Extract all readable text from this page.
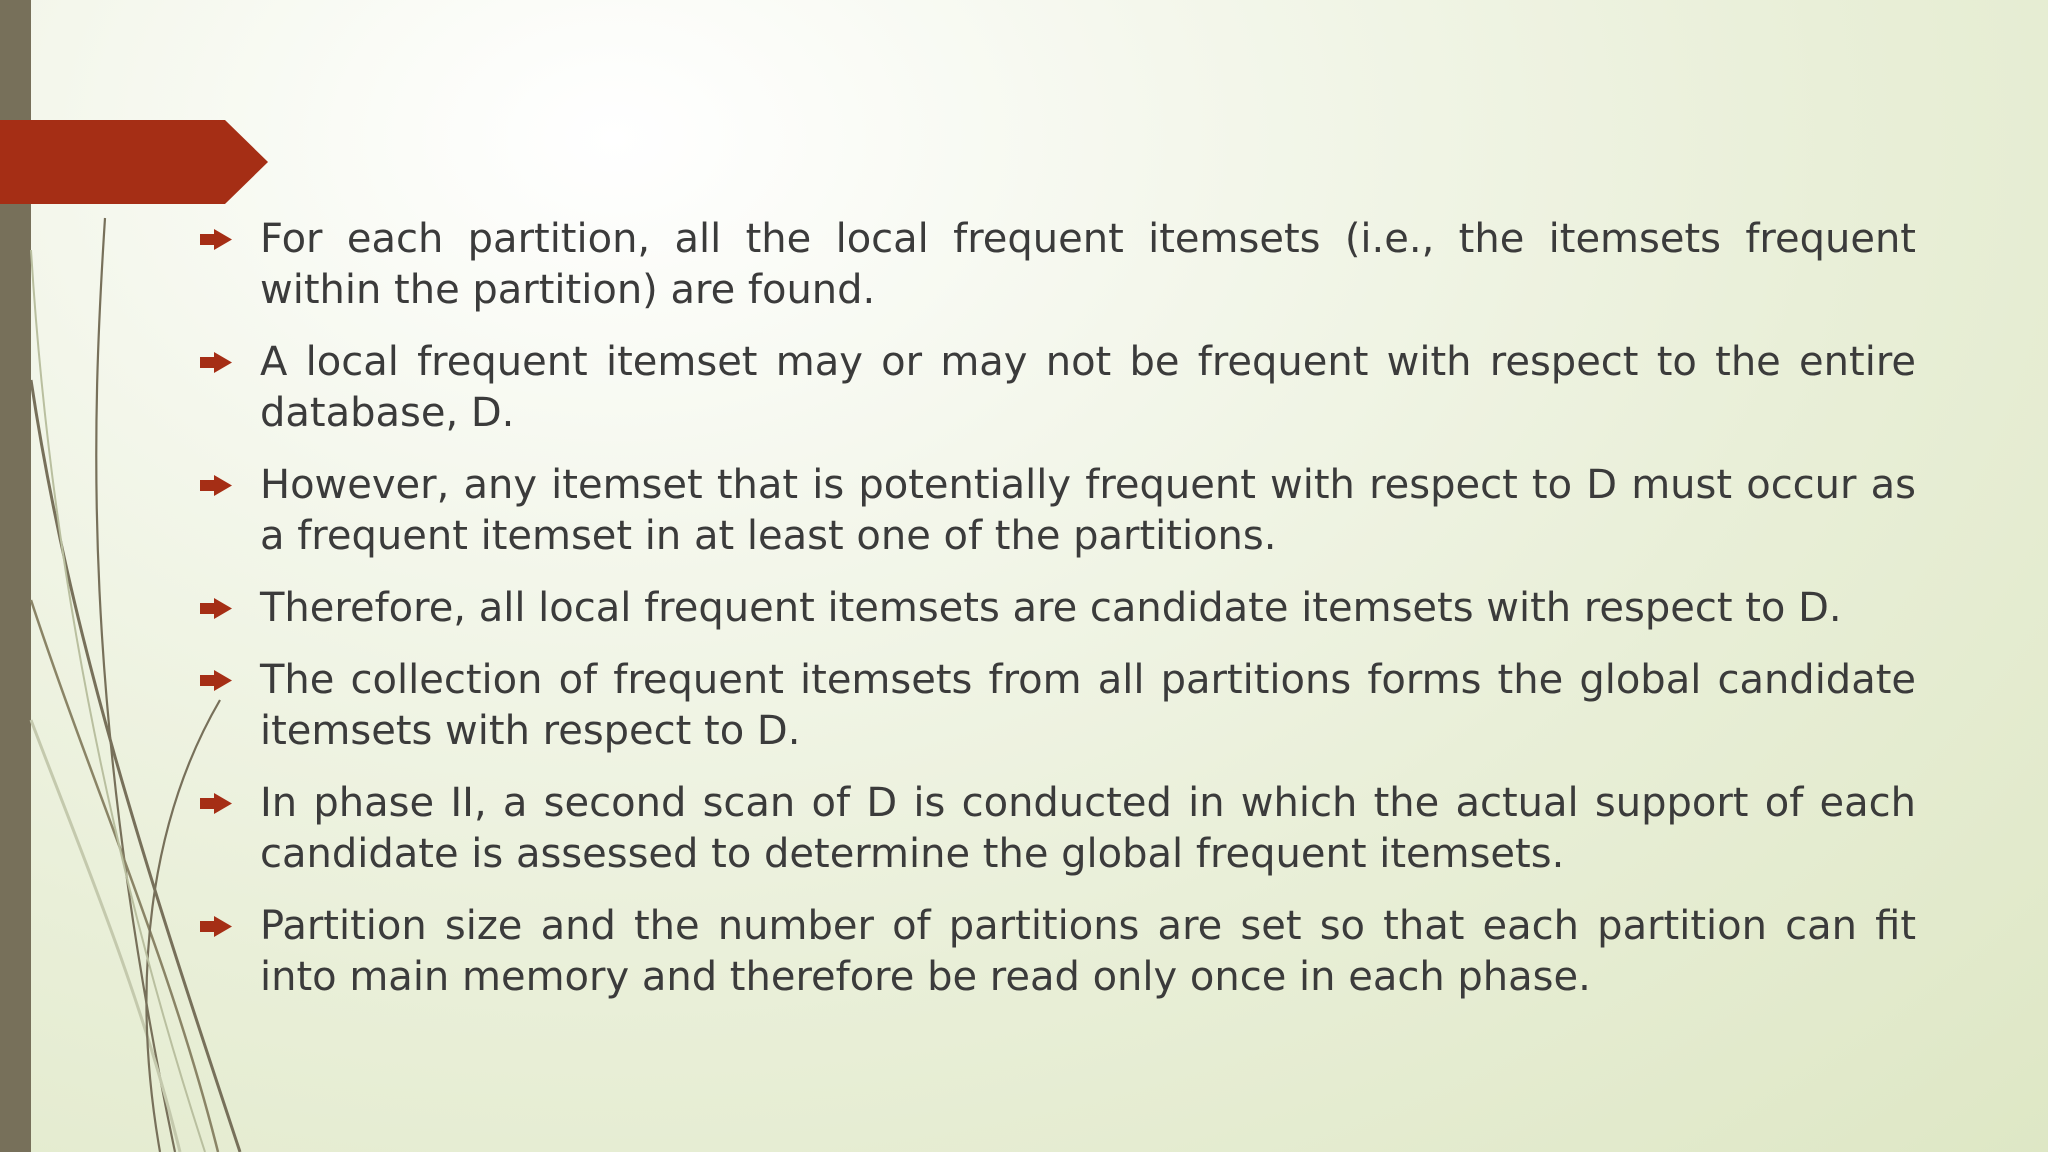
For each partition, all the local frequent itemsets (i.e., the itemsets frequent within the partition) are found.
A local frequent itemset may or may not be frequent with respect to the entire database, D.
However, any itemset that is potentially frequent with respect to D must occur as a frequent itemset in at least one of the partitions.
Therefore, all local frequent itemsets are candidate itemsets with respect to D.
The collection of frequent itemsets from all partitions forms the global candidate itemsets with respect to D.
In phase II, a second scan of D is conducted in which the actual support of each candidate is assessed to determine the global frequent itemsets.
Partition size and the number of partitions are set so that each partition can fit into main memory and therefore be read only once in each phase.
